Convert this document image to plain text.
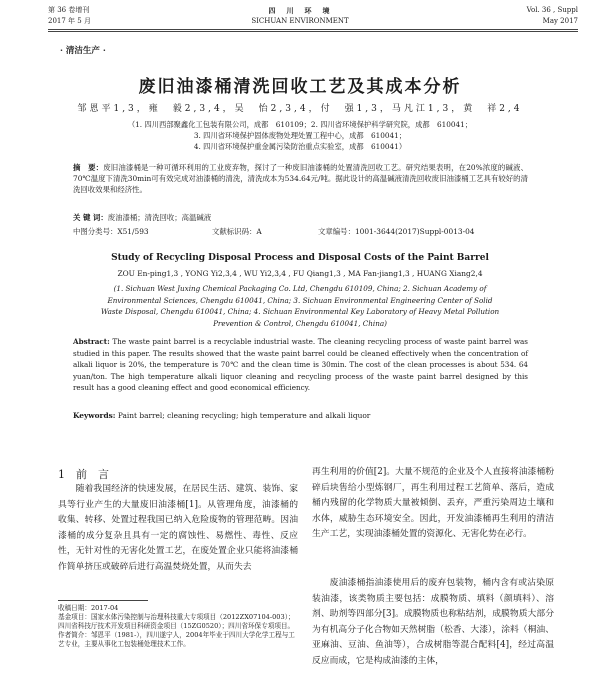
第 36 卷增刊
2017 年 5 月
四　川　环　境
SICHUAN ENVIRONMENT
Vol. 36 , Suppl
May 2017
· 清洁生产 ·
废旧油漆桶清洗回收工艺及其成本分析
邹恩平1,3，雍　毅2,3,4，吴　怡2,3,4，付　强1,3，马凡江1,3，黄　祥2,4
（1. 四川西部聚鑫化工包装有限公司，成都　610109；2. 四川省环境保护科学研究院，成都　610041；
3. 四川省环境保护固体废物处理处置工程中心，成都　610041；
4. 四川省环境保护重金属污染防治重点实验室，成都　610041）
摘　要：废旧油漆桶是一种可循环利用的工业废弃物，探讨了一种废旧油漆桶的处置清洗回收工艺。研究结果表明，在20%浓度的碱液、70℃温度下清洗30min可有效完成对油漆桶的清洗，清洗成本为534.64元/吨。据此设计的高温碱液清洗回收废旧油漆桶工艺具有较好的清洗回收效果和经济性。
关 键 词：废油漆桶；清洗回收；高温碱液
中图分类号：X51/593	文献标识码：A	文章编号：1001-3644(2017)Suppl-0013-04
Study of Recycling Disposal Process and Disposal Costs of the Paint Barrel
ZOU En-ping1,3 , YONG Yi2,3,4 , WU Yi2,3,4 , FU Qiang1,3 , MA Fan-jiang1,3 , HUANG Xiang2,4
(1. Sichuan West Juxing Chemical Packaging Co. Ltd, Chengdu 610109, China; 2. Sichuan Academy of Environmental Sciences, Chengdu 610041, China; 3. Sichuan Environmental Engineering Center of Solid Waste Disposal, Chengdu 610041, China; 4. Sichuan Environmental Key Laboratory of Heavy Metal Pollution Prevention & Control, Chengdu 610041, China)
Abstract: The waste paint barrel is a recyclable industrial waste. The cleaning recycling process of waste paint barrel was studied in this paper. The results showed that the waste paint barrel could be cleaned effectively when the concentration of alkali liquor is 20%, the temperature is 70℃ and the clean time is 30min. The cost of the clean processes is about 534. 64 yuan/ton. The high temperature alkali liquor cleaning and recycling process of the waste paint barrel designed by this result has a good cleaning effect and good economical efficiency.
Keywords: Paint barrel; cleaning recycling; high temperature and alkali liquor
1　前　言
随着我国经济的快速发展，在居民生活、建筑、装饰、家具等行业产生的大量废旧油漆桶[1]。从管理角度，油漆桶的收集、转移、处置过程我国已纳入危险废物的管理范畴。因油漆桶的成分复杂且具有一定的腐蚀性、易燃性、毒性、反应性，无针对性的无害化处置工艺，在废处置企业只能将油漆桶作简单挤压或破碎后进行高温焚烧处置，从而失去
收稿日期：2017-04
基金项目：国家水体污染控制与治理科技重大专项项目（2012ZX07104-003）；四川省科技厅技术开发项目科研资金项目（15ZG0520）；四川省环保专项项目。
作者简介：邹恩平（1981-），四川遂宁人，2004年毕业于四川大学化学工程与工艺专业，主要从事化工包装桶处理技术工作。
再生利用的价值[2]。大量不规范的企业及个人直接将油漆桶粉碎后块售给小型炼钢厂，再生利用过程工艺简单、落后，造成桶内残留的化学物质大量被倾倒、丢弃，严重污染周边土壤和水体，威胁生态环境安全。因此，开发油漆桶再生利用的清洁生产工艺，实现油漆桶处置的资源化、无害化势在必行。
废油漆桶指油漆使用后的废弃包装物，桶内含有或沾染原装油漆，该类物质主要包括：成膜物质、填料（颜填料）、溶剂、助剂等四部分[3]。成膜物质也称粘结剂，成膜物质大部分为有机高分子化合物如天然树脂（松香、大漆），涂料（桐油、亚麻油、豆油、鱼油等），合成树脂等混合配料[4]，经过高温反应而成，它是构成油漆的主体，
